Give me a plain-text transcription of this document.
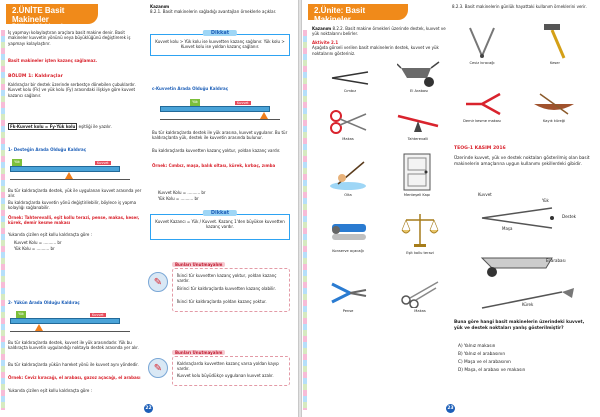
2.ÜNİTE Basit Makineler
Bölüm 1 Kaldıraçlar
Kazanım
8.2.1. Basit makinelerin sağladığı avantajları örneklerle açıklar.
İş yapmayı kolaylaştıran araçlara basit makine denir. Basit makineler kuvvetin yönünü veya büyüklüğünü değiştirerek iş yapmayı kolaylaştırır.
Basit makineler işten kazanç sağlamaz.
BÖLÜM 1: Kaldıraçlar
Kaldıraçlar bir destek üzerinde serbestçe dönebilen çubuklardır. Kuvvet kolu (Fk) ve yük kolu (Fy) arasındaki ilişkiye göre kuvvet kazancı sağlanır.
Fk·Kuvvet kolu = Fy·Yük kolu eşitliği ile yazılır.
1- Desteğin Arada Olduğu Kaldıraç
Yük	Kuvvet
Bu tür kaldıraçlarda destek, yük ile uygulanan kuvvet arasında yer alır.
Bu kaldıraçlarda kuvvetin yönü değiştirilebilir, böylece iş yapma kolaylığı sağlanabilir.
Örnek: Tahterevalli, eşit kollu terazi, pense, makas, keser, kürek, demir kesme makası
Yukarıda çizilen eşit kollu kaldıraçta göre :
Kuvvet Kolu = .......... br
Yük Kolu = .......... br
2- Yükün Arada Olduğu Kaldıraç
Yük	Kuvvet
Bu tür kaldıraçlarda destek, kuvvet ile yük arasındadır. Yük bu kaldıraçta kuvvetin uygulandığı noktayla destek arasında yer alır.
Bu tür kaldıraçlarda yükün hareket yönü ile kuvvet aynı yöndedir.
Örnek: Ceviz kıracağı, el arabası, gazoz açacağı, el arabası
Yukarıda çizilen eşit kollu kaldıraçta göre :
Dikkat
Kuvvet kolu > Yük kolu ise kuvvetten kazanç sağlanır. Yük kolu > Kuvvet kolu ise yoldan kazanç sağlanır.
c-Kuvvetin Arada Olduğu Kaldıraç
Yük	Kuvvet
Bu tür kaldıraçlarda destek ile yük arasına, kuvvet uygulanır. Bu tür kaldıraçlarda yük, destek ile kuvvetin arasında bulunur.
Bu kaldıraçlarda kuvvetten kazanç yoktur, yoldan kazanç vardır.
Örnek: Cımbız, maşa, balık oltası, kürek, kırbaç, zımba
Kuvvet Kolu = .......... br
Yük Kolu = .......... br
Dikkat
Kuvvet Kazancı = Yük / Kuvvet. Kazanç 1'den büyükse kuvvetten kazanç vardır.
✎
Bunları Unutmayalım
İkinci tür kuvvetten kazanç yoktur, yoldan kazanç vardır.
Birinci tür kaldıraçlarda kuvvetten kazanç olabilir.
İkinci tür kaldıraçlarda yoldan kazanç yoktur.
✎
Bunları Unutmayalım
Kaldıraçlarda kuvvetten kazanç varsa yoldan kayıp vardır.
Kuvvet kolu büyüdükçe uygulanan kuvvet azalır.
22
2.Ünite: Basit Makineler
Kazanım 8.2.2. Basit makine örnekleri üzerinde destek, kuvvet ve yük noktalarını belirler.
8.2.3. Basit makinelerin günlük hayattaki kullanım örneklerini verir.
Aktivite 2.1
Aşağıda görseli verilen basit makinelerin destek, kuvvet ve yük noktalarını gösteriniz.
Cımbız	El Arabası
Makas	Tahterevalli
Olta	Menteşeli Kapı
Konserve açacağı	Eşit kollu terazi
Pense	Makas
Ceviz kıracağı	Keser
Demir kesme makası	Kayık küreği
TEOG-1 KASIM 2016
Üzerinde kuvvet, yük ve destek noktaları gösterilmiş olan basit makinelerin amaçlarına uygun kullanımı şekillerdeki gibidir.
Kuvvet
Yük
Destek
Maşa
El arabası
Kürek
Buna göre hangi basit makinelerin üzerindeki kuvvet, yük ve destek noktaları yanlış gösterilmiştir?
A) Yalnız makasın
B) Yalnız el arabasının
C) Maşa ve el arabasının
D) Maşa, el arabası ve makasın
23
